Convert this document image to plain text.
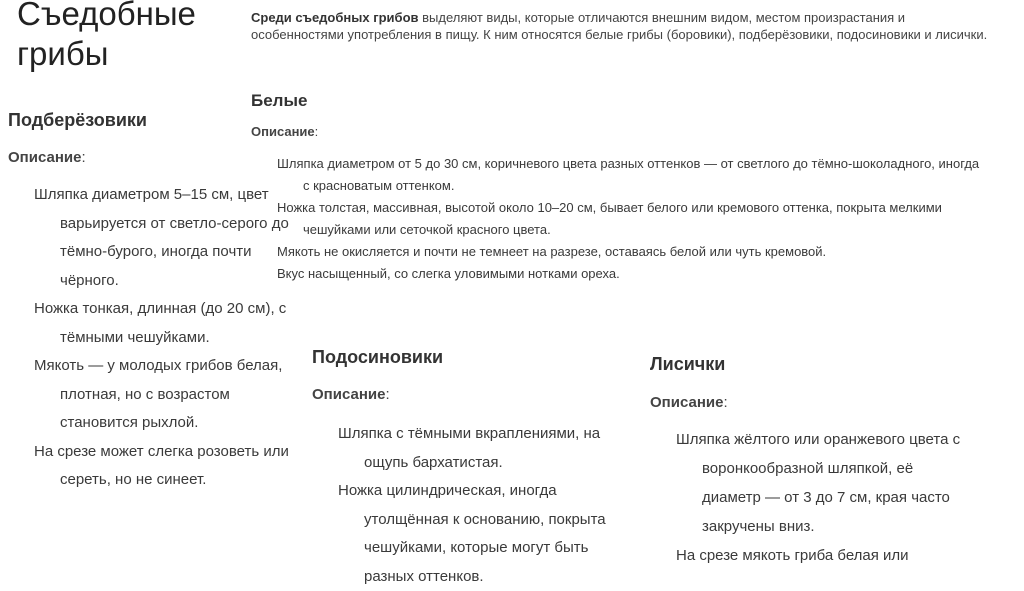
Съедобные грибы

Среди съедобных грибов выделяют виды, которые отличаются внешним видом, местом произрастания и особенностями употребления в пищу. К ним относятся белые грибы (боровики), подберёзовики, подосиновики и лисички.

Белые
Описание:
Шляпка диаметром от 5 до 30 см, коричневого цвета разных оттенков — от светлого до тёмно-шоколадного, иногда с красноватым оттенком.
Ножка толстая, массивная, высотой около 10–20 см, бывает белого или кремового оттенка, покрыта мелкими чешуйками или сеточкой красного цвета.
Мякоть не окисляется и почти не темнеет на разрезе, оставаясь белой или чуть кремовой.
Вкус насыщенный, со слегка уловимыми нотками ореха.
Подберёзовики
Описание:
Шляпка диаметром 5–15 см, цвет варьируется от светло-серого до тёмно-бурого, иногда почти чёрного.
Ножка тонкая, длинная (до 20 см), с тёмными чешуйками.
Мякоть — у молодых грибов белая, плотная, но с возрастом становится рыхлой.
На срезе может слегка розоветь или сереть, но не синеет.
Подосиновики
Описание:
Шляпка с тёмными вкраплениями, на ощупь бархатистая.
Ножка цилиндрическая, иногда утолщённая к основанию, покрыта чешуйками, которые могут быть разных оттенков.
Лисички
Описание:
Шляпка жёлтого или оранжевого цвета с воронкообразной шляпкой, её диаметр — от 3 до 7 см, края часто закручены вниз.
На срезе мякоть гриба белая или
